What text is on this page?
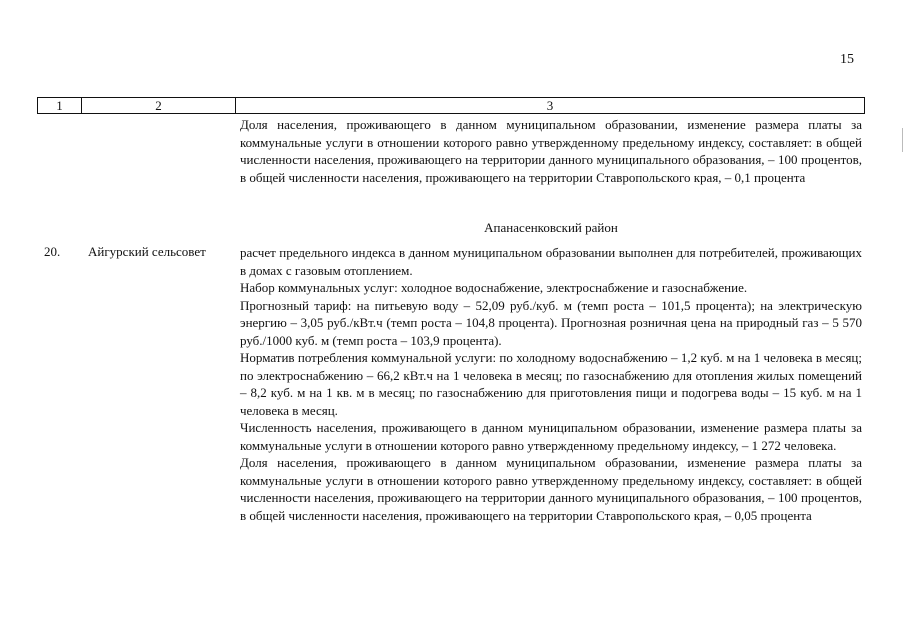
15
1	2	3

Доля населения, проживающего в данном муниципальном образовании, изменение размера платы за коммунальные услуги в отношении которого равно утвержденному предельному индексу, составляет: в общей численности населения, проживающего на территории данного муниципального образования, – 100 процентов, в общей численности населения, проживающего на территории Ставропольского края, – 0,1 процента

Апанасенковский район
20. Айгурский сельсовет	расчет предельного индекса в данном муниципальном образовании выполнен для потребителей, проживающих в домах с газовым отоплением.

Набор коммунальных услуг: холодное водоснабжение, электроснабжение и газоснабжение.

Прогнозный тариф: на питьевую воду – 52,09 руб./куб. м (темп роста – 101,5 процента); на электрическую энергию – 3,05 руб./кВт.ч (темп роста – 104,8 процента). Прогнозная розничная цена на природный газ – 5 570 руб./1000 куб. м (темп роста – 103,9 процента).

Норматив потребления коммунальной услуги: по холодному водоснабжению – 1,2 куб. м на 1 человека в месяц; по электроснабжению – 66,2 кВт.ч на 1 человека в месяц; по газоснабжению для отопления жилых помещений – 8,2 куб. м на 1 кв. м в месяц; по газоснабжению для приготовления пищи и подогрева воды – 15 куб. м на 1 человека в месяц.

Численность населения, проживающего в данном муниципальном образовании, изменение размера платы за коммунальные услуги в отношении которого равно утвержденному предельному индексу, – 1 272 человека.

Доля населения, проживающего в данном муниципальном образовании, изменение размера платы за коммунальные услуги в отношении которого равно утвержденному предельному индексу, составляет: в общей численности населения, проживающего на территории данного муниципального образования, – 100 процентов, в общей численности населения, проживающего на территории Ставропольского края, – 0,05 процента
